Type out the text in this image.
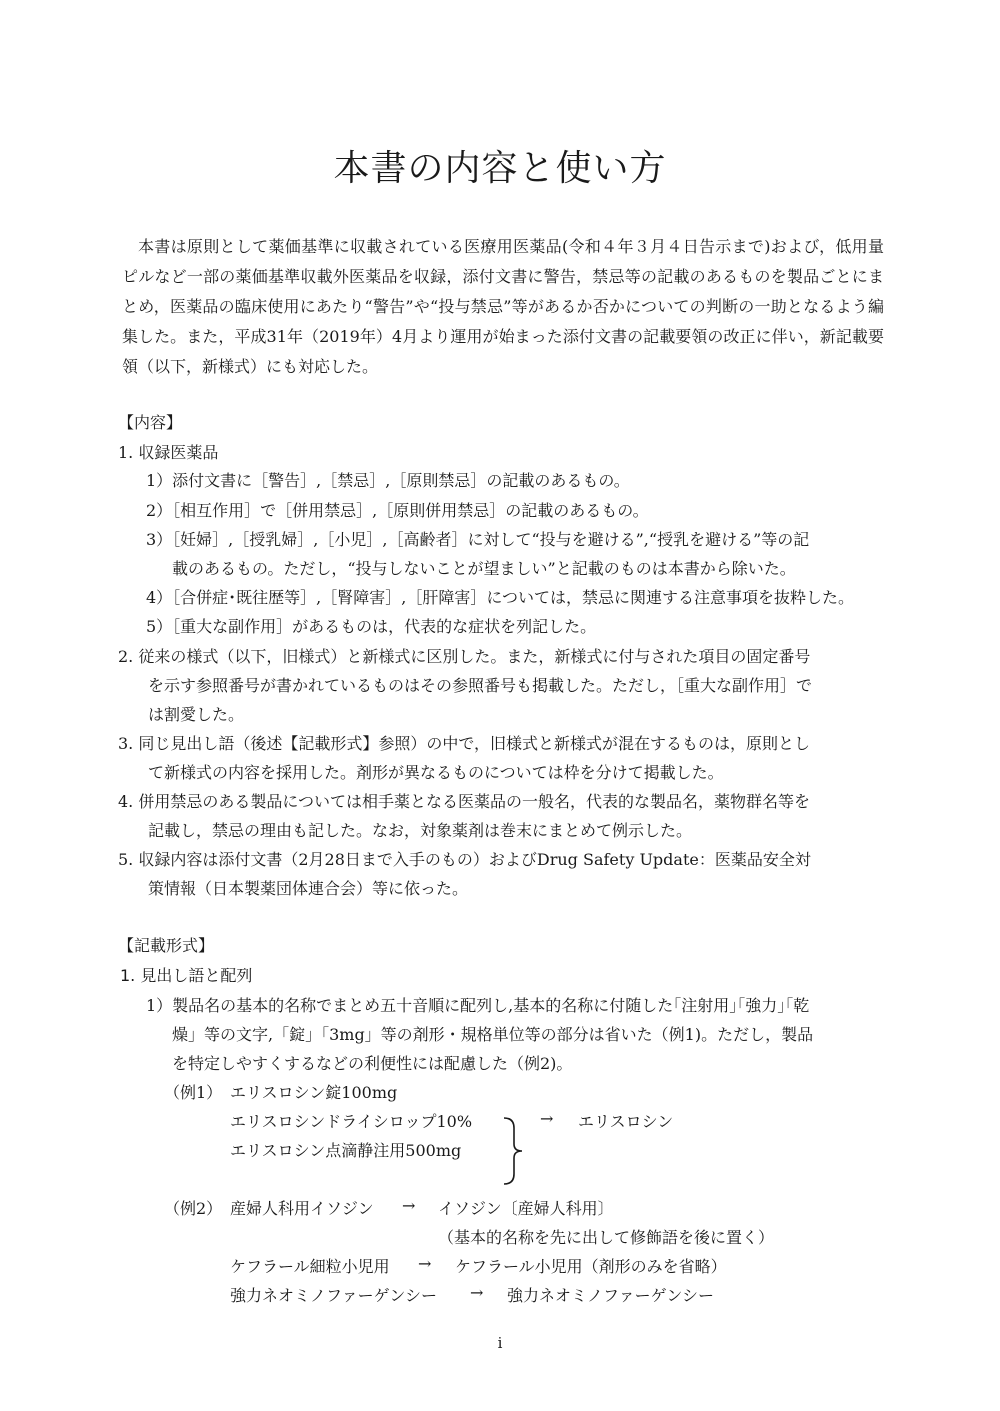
本書の内容と使い方

本書は原則として薬価基準に収載されている医療用医薬品(令和４年３月４日告示まで)および，低用量ピルなど一部の薬価基準収載外医薬品を収録，添付文書に警告，禁忌等の記載のあるものを製品ごとにまとめ，医薬品の臨床使用にあたり“警告”や“投与禁忌”等があるか否かについての判断の一助となるよう編集した。また，平成31年（2019年）4月より運用が始まった添付文書の記載要領の改正に伴い，新記載要領（以下，新様式）にも対応した。

【内容】

1. 収録医薬品

1）添付文書に［警告］,［禁忌］,［原則禁忌］の記載のあるもの。

2）［相互作用］で［併用禁忌］,［原則併用禁忌］の記載のあるもの。

3）［妊婦］,［授乳婦］,［小児］,［高齢者］に対して“投与を避ける”,“授乳を避ける”等の記

載のあるもの。ただし，“投与しないことが望ましい”と記載のものは本書から除いた。

4）［合併症･既往歴等］,［腎障害］,［肝障害］については，禁忌に関連する注意事項を抜粋した。

5）［重大な副作用］があるものは，代表的な症状を列記した。

2. 従来の様式（以下，旧様式）と新様式に区別した。また，新様式に付与された項目の固定番号

を示す参照番号が書かれているものはその参照番号も掲載した。ただし，［重大な副作用］で

は割愛した。

3. 同じ見出し語（後述【記載形式】参照）の中で，旧様式と新様式が混在するものは，原則とし

て新様式の内容を採用した。剤形が異なるものについては枠を分けて掲載した。

4. 併用禁忌のある製品については相手薬となる医薬品の一般名，代表的な製品名，薬物群名等を

記載し，禁忌の理由も記した。なお，対象薬剤は巻末にまとめて例示した。

5. 収録内容は添付文書（2月28日まで入手のもの）およびDrug Safety Update：医薬品安全対

策情報（日本製薬団体連合会）等に依った。

【記載形式】

1. 見出し語と配列

1）製品名の基本的名称でまとめ五十音順に配列し,基本的名称に付随した｢注射用｣｢強力｣｢乾

燥」等の文字,「錠」「3mg」等の剤形・規格単位等の部分は省いた（例1)。ただし，製品

を特定しやすくするなどの利便性には配慮した（例2)。

（例1） エリスロシン錠100mg

エリスロシンドライシロップ10%

エリスロシン点滴静注用500mg

→ エリスロシン

（例2） 産婦人科用イソジン → イソジン〔産婦人科用〕

（基本的名称を先に出して修飾語を後に置く）

ケフラール細粒小児用 → ケフラール小児用（剤形のみを省略）

強力ネオミノファーゲンシー → 強力ネオミノファーゲンシー

i
